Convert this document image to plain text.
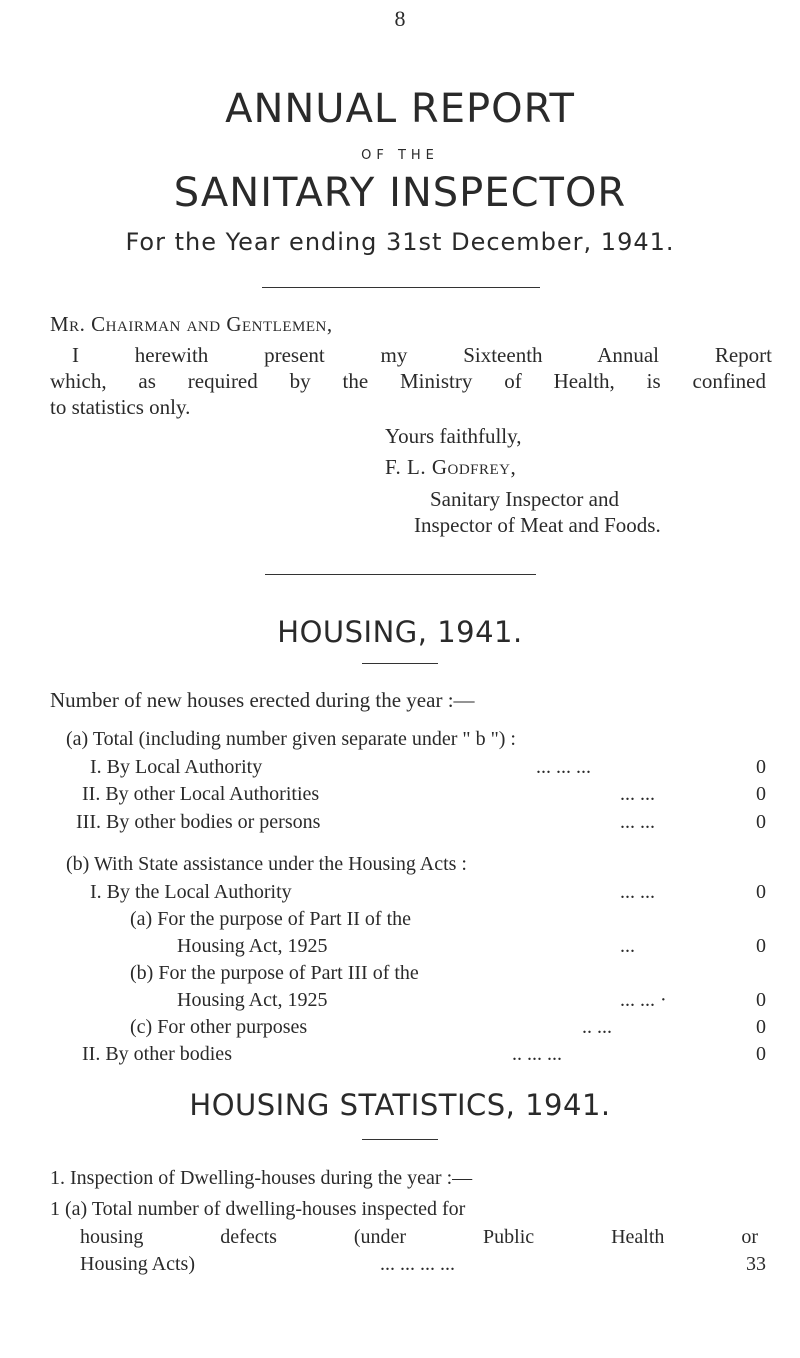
8
ANNUAL REPORT
OF THE
SANITARY INSPECTOR
For the Year ending 31st December, 1941.
Mr. Chairman and Gentlemen,
I herewith present my Sixteenth Annual Report
which, as required by the Ministry of Health, is confined
to statistics only.
Yours faithfully,
F. L. Godfrey,
Sanitary Inspector and
Inspector of Meat and Foods.
HOUSING, 1941.
Number of new houses erected during the year :—
(a) Total (including number given separate under " b ") :
I. By Local Authority	... ... ...	0
II. By other Local Authorities	... ...	0
III. By other bodies or persons	... ...	0
(b) With State assistance under the Housing Acts :
I. By the Local Authority	... ...	0
(a) For the purpose of Part II of the
Housing Act, 1925	...	0
(b) For the purpose of Part III of the
Housing Act, 1925	... ... ·	0
(c) For other purposes	.. ...	0
II. By other bodies	.. ... ...	0
HOUSING STATISTICS, 1941.
1. Inspection of Dwelling-houses during the year :—
1 (a) Total number of dwelling-houses inspected for
housing defects (under Public Health or
Housing Acts)	... ... ... ...	33
